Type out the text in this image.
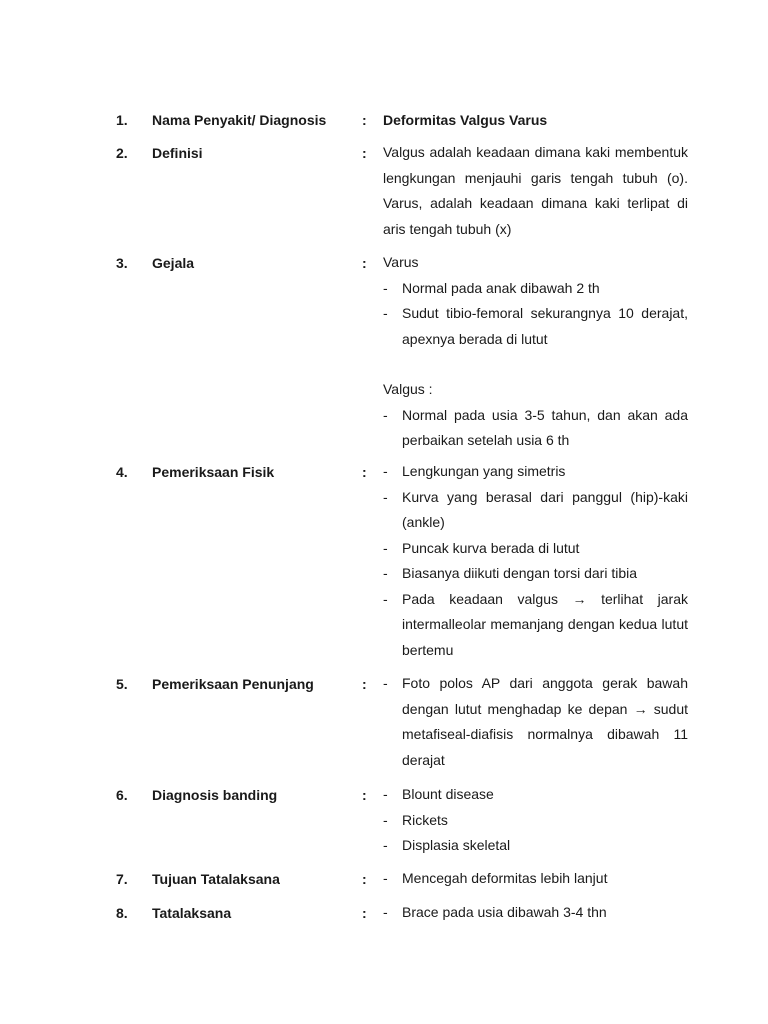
1. Nama Penyakit/ Diagnosis	: Deformitas Valgus Varus
2. Definisi	: Valgus adalah keadaan dimana kaki membentuk lengkungan menjauhi garis tengah tubuh (o). Varus, adalah keadaan dimana kaki terlipat di aris tengah tubuh (x)

3. Gejala	: Varus

- Normal pada anak dibawah 2 th
- Sudut tibio-femoral sekurangnya 10 derajat, apexnya berada di lutut

Valgus :

- Normal pada usia 3-5 tahun, dan akan ada perbaikan setelah usia 6 th
4. Pemeriksaan Fisik	: - Lengkungan yang simetris
- Kurva yang berasal dari panggul (hip)-kaki (ankle)
- Puncak kurva berada di lutut
- Biasanya diikuti dengan torsi dari tibia
- Pada keadaan valgus → terlihat jarak intermalleolar memanjang dengan kedua lutut bertemu
5. Pemeriksaan Penunjang	: - Foto polos AP dari anggota gerak bawah dengan lutut menghadap ke depan → sudut metafiseal-diafisis normalnya dibawah 11 derajat
6. Diagnosis banding	: - Blount disease
- Rickets
- Displasia skeletal
7. Tujuan Tatalaksana	: - Mencegah deformitas lebih lanjut
8. Tatalaksana	: - Brace pada usia dibawah 3-4 thn
